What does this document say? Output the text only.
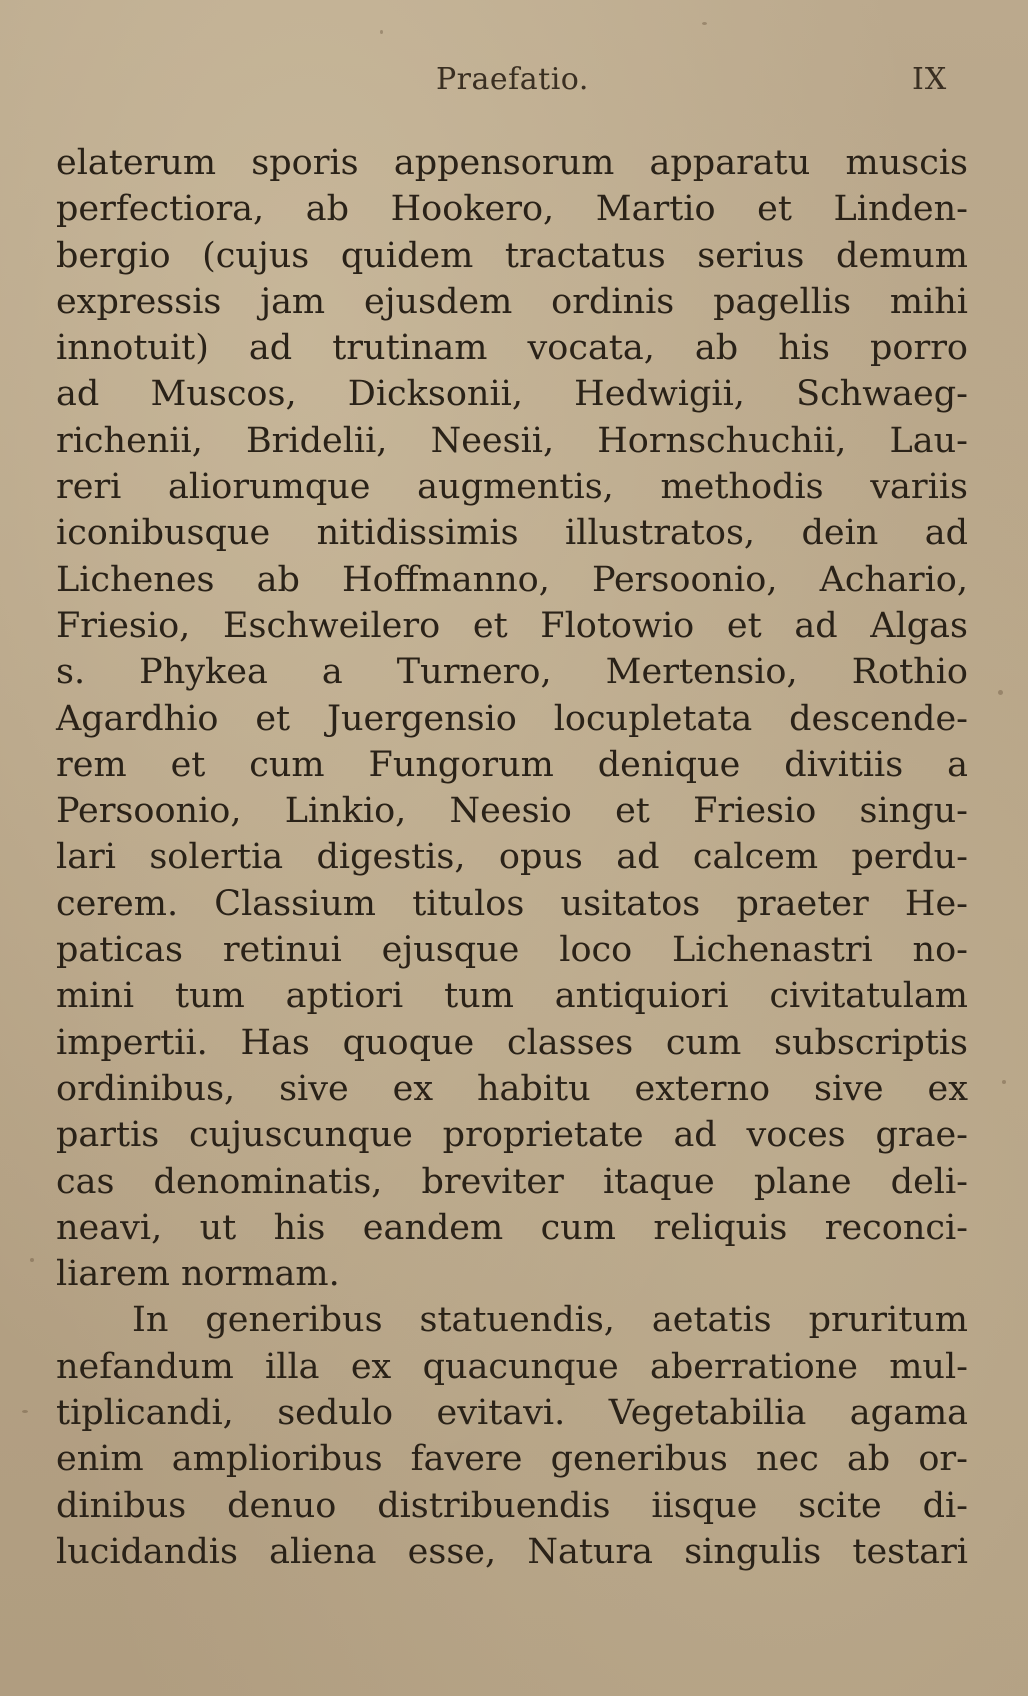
Praefatio.	IX
elaterum sporis appensorum apparatu muscis
perfectiora, ab Hookero, Martio et Linden-
bergio (cujus quidem tractatus serius demum
expressis jam ejusdem ordinis pagellis mihi
innotuit) ad trutinam vocata, ab his porro
ad Muscos, Dicksonii, Hedwigii, Schwaeg-
richenii, Bridelii, Neesii, Hornschuchii, Lau-
reri aliorumque augmentis, methodis variis
iconibusque nitidissimis illustratos, dein ad
Lichenes ab Hoffmanno, Persoonio, Achario,
Friesio, Eschweilero et Flotowio et ad Algas
s. Phykea a Turnero, Mertensio, Rothio
Agardhio et Juergensio locupletata descende-
rem et cum Fungorum denique divitiis a
Persoonio, Linkio, Neesio et Friesio singu-
lari solertia digestis, opus ad calcem perdu-
cerem. Classium titulos usitatos praeter He-
paticas retinui ejusque loco Lichenastri no-
mini tum aptiori tum antiquiori civitatulam
impertii. Has quoque classes cum subscriptis
ordinibus, sive ex habitu externo sive ex
partis cujuscunque proprietate ad voces grae-
cas denominatis, breviter itaque plane deli-
neavi, ut his eandem cum reliquis reconci-
liarem normam.
In generibus statuendis, aetatis pruritum
nefandum illa ex quacunque aberratione mul-
tiplicandi, sedulo evitavi. Vegetabilia agama
enim amplioribus favere generibus nec ab or-
dinibus denuo distribuendis iisque scite di-
lucidandis aliena esse, Natura singulis testari
